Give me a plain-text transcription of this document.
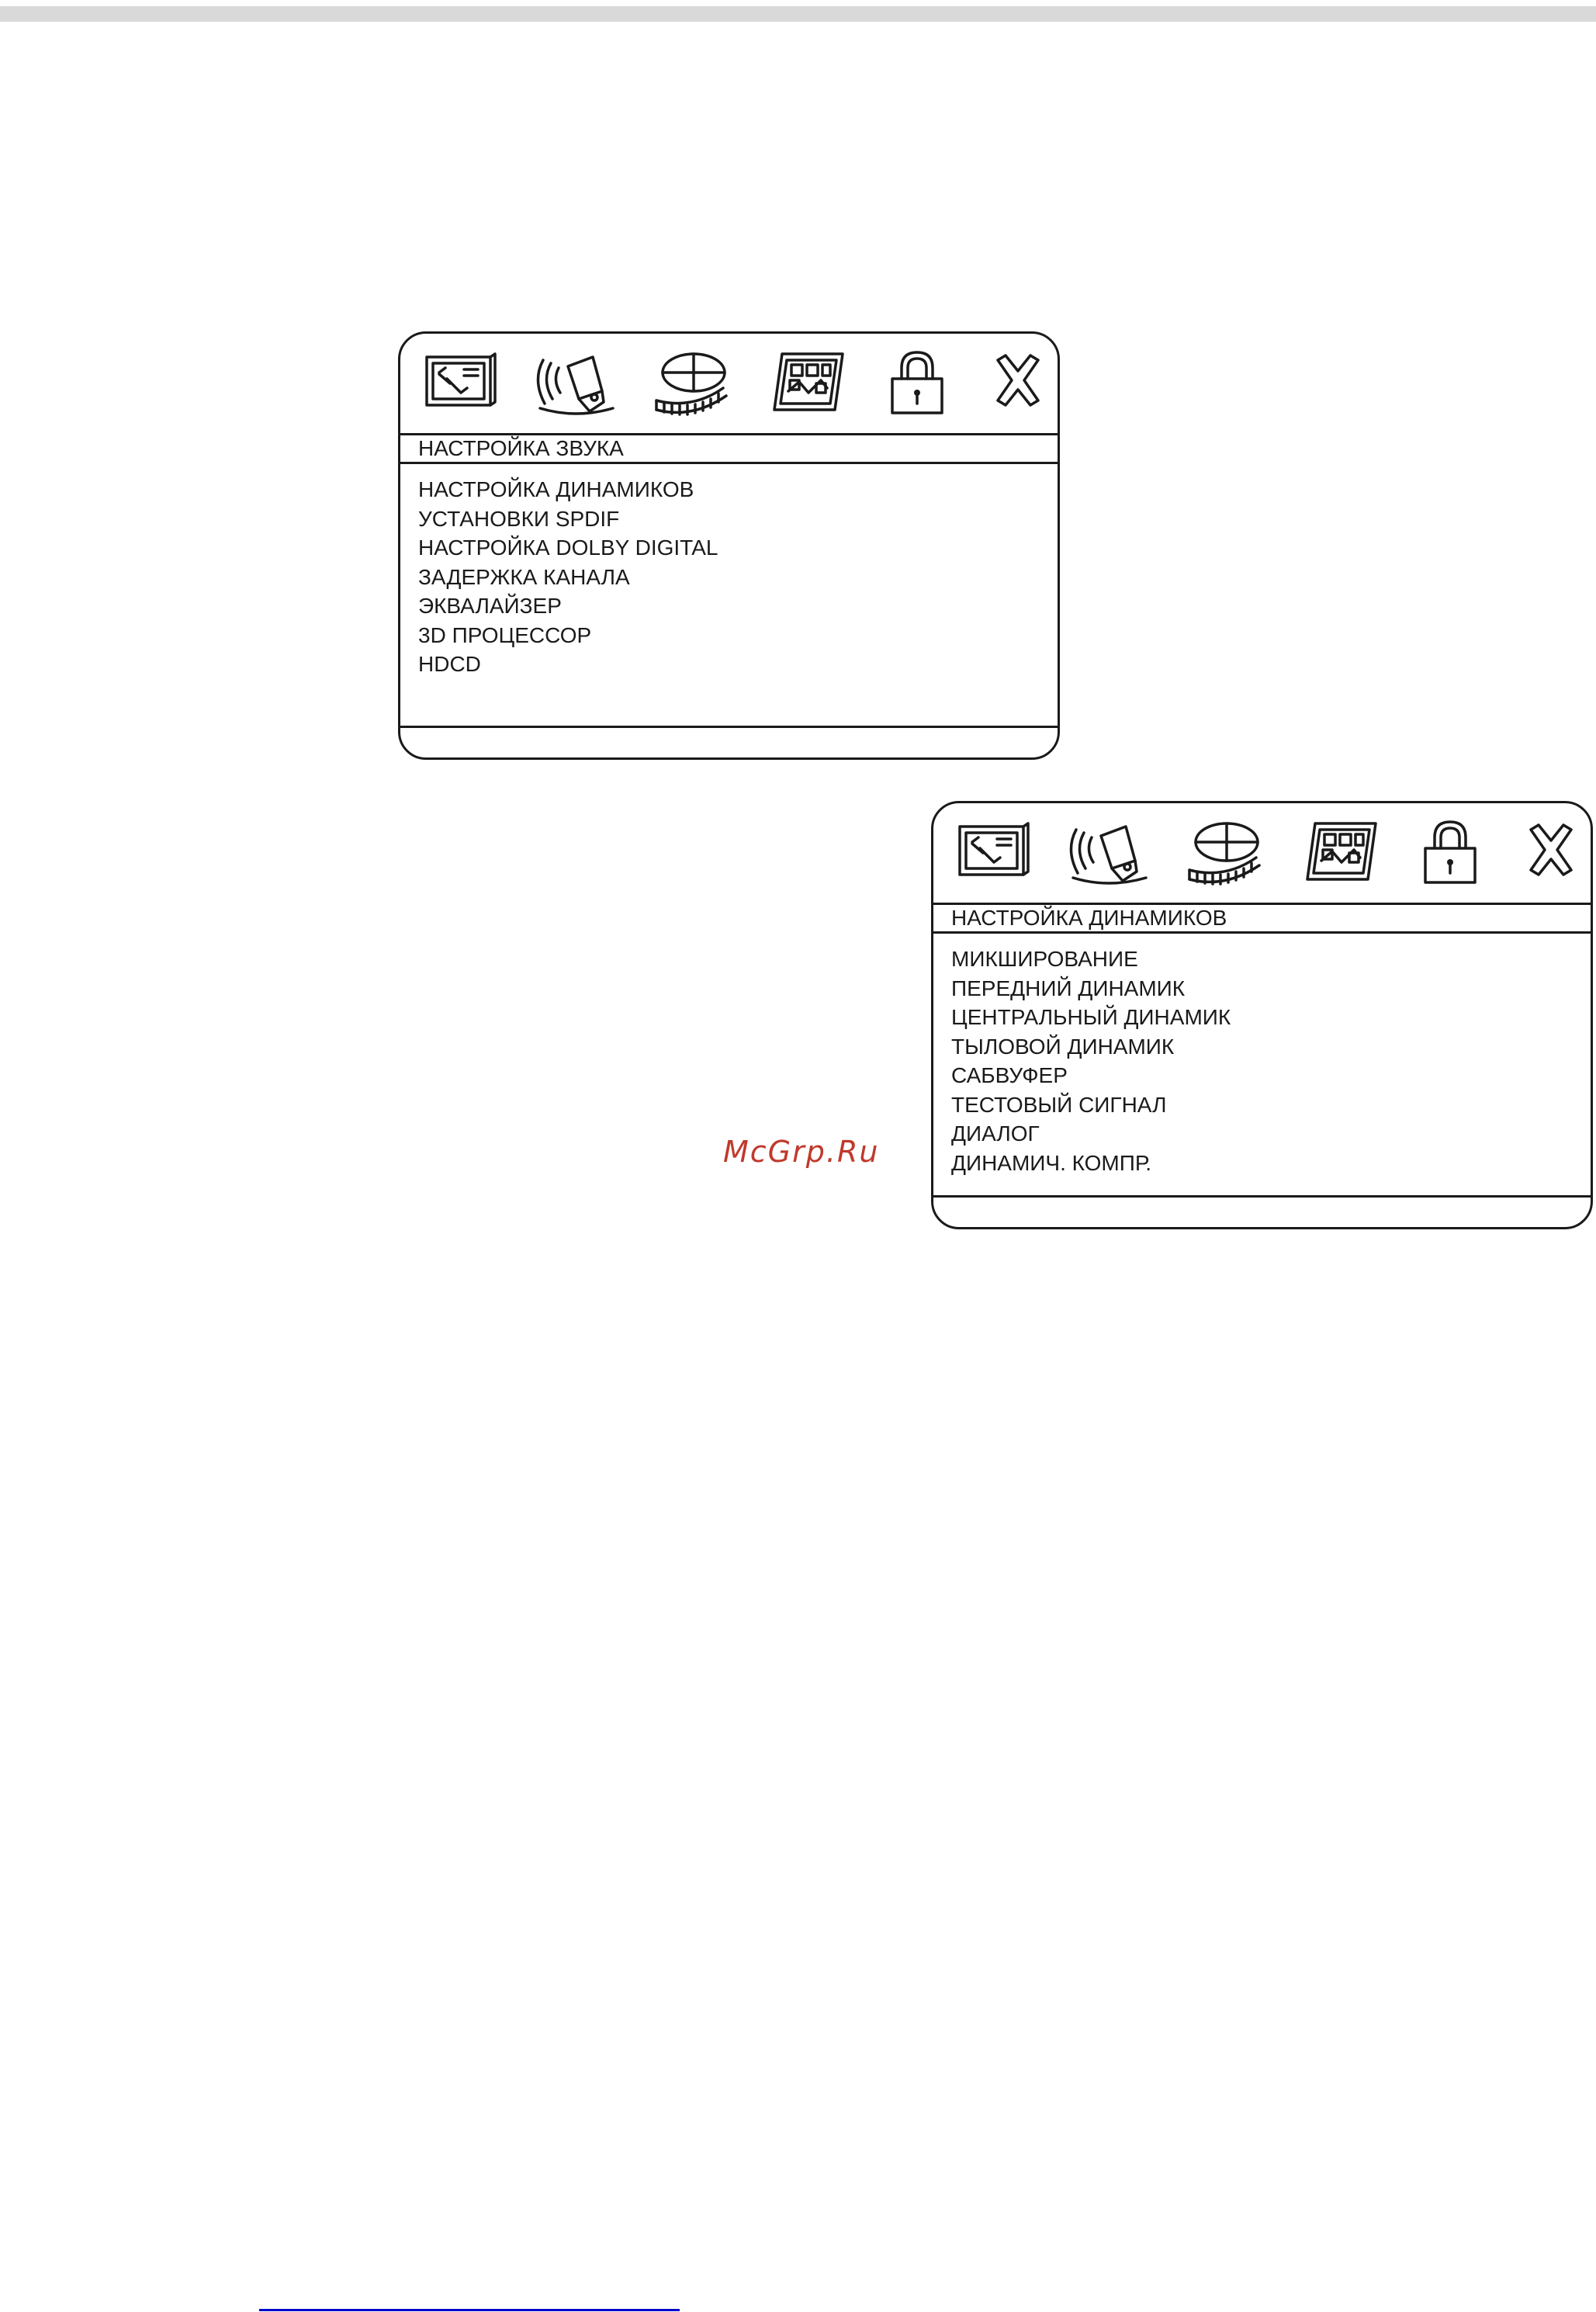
НАСТРОЙКА ЗВУКА
НАСТРОЙКА ДИНАМИКОВ
УСТАНОВКИ SPDIF
НАСТРОЙКА DOLBY DIGITAL
ЗАДЕРЖКА КАНАЛА
ЭКВАЛАЙЗЕР
3D ПРОЦЕССОР
HDCD
НАСТРОЙКА ДИНАМИКОВ
МИКШИРОВАНИЕ
ПЕРЕДНИЙ ДИНАМИК
ЦЕНТРАЛЬНЫЙ ДИНАМИК
ТЫЛОВОЙ ДИНАМИК
САБВУФЕР
ТЕСТОВЫЙ СИГНАЛ
ДИАЛОГ
ДИНАМИЧ. КОМПР.
McGrp.Ru
